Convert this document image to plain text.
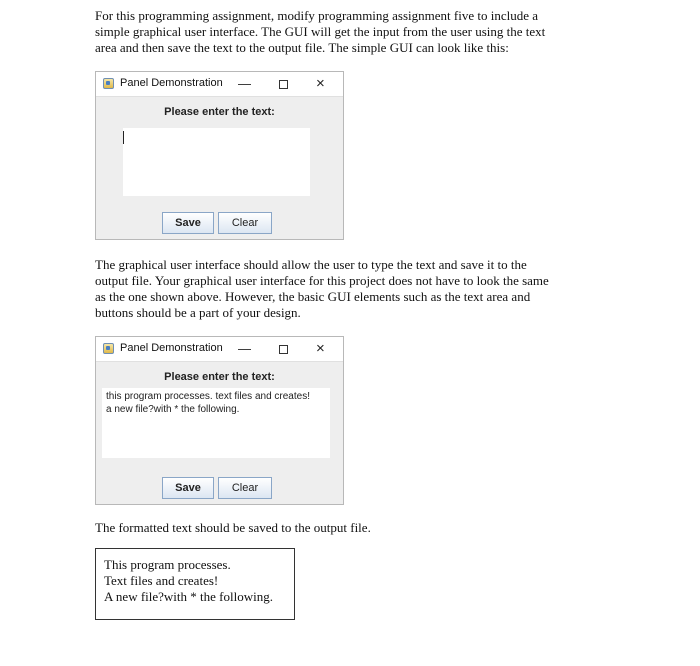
For this programming assignment, modify programming assignment five to include a
simple graphical user interface. The GUI will get the input from the user using the text
area and then save the text to the output file. The simple GUI can look like this:
Panel Demonstration —	×
Please enter the text:
Save	Clear
The graphical user interface should allow the user to type the text and save it to the
output file. Your graphical user interface for this project does not have to look the same
as the one shown above. However, the basic GUI elements such as the text area and
buttons should be a part of your design.
Panel Demonstration —	×
Please enter the text:
this program processes. text files and creates!
a new file?with * the following.
Save	Clear
The formatted text should be saved to the output file.
This program processes.
Text files and creates!
A new file?with * the following.
